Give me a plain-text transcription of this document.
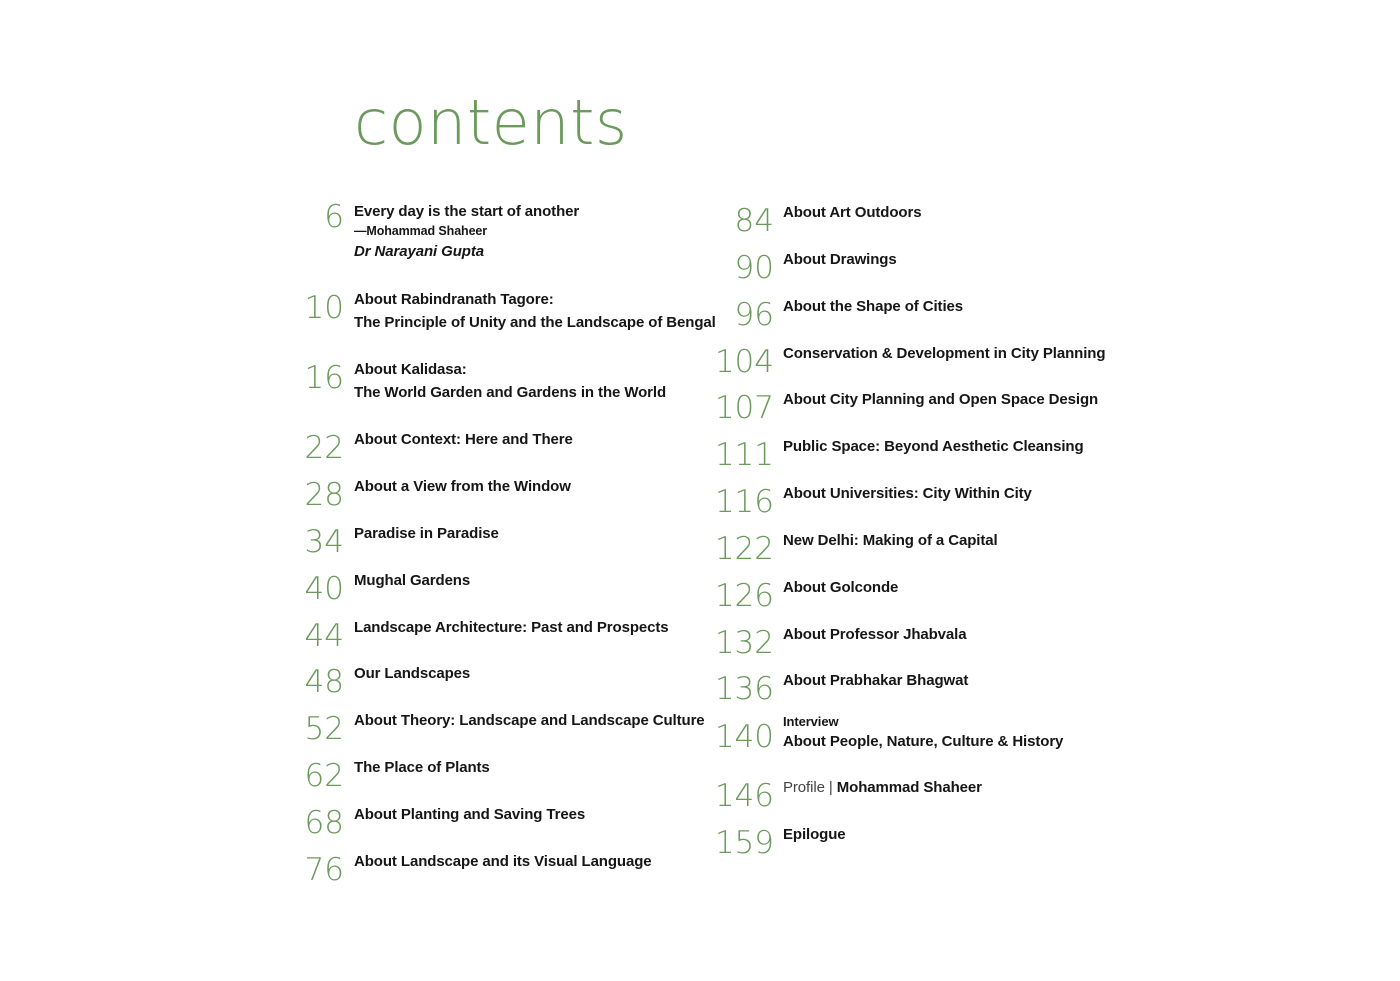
contents
6 Every day is the start of another
—Mohammad Shaheer
Dr Narayani Gupta
10 About Rabindranath Tagore:
The Principle of Unity and the Landscape of Bengal
16 About Kalidasa:
The World Garden and Gardens in the World
22 About Context: Here and There
28 About a View from the Window
34 Paradise in Paradise
40 Mughal Gardens
44 Landscape Architecture: Past and Prospects
48 Our Landscapes
52 About Theory: Landscape and Landscape Culture
62 The Place of Plants
68 About Planting and Saving Trees
76 About Landscape and its Visual Language
84 About Art Outdoors
90 About Drawings
96 About the Shape of Cities
104 Conservation & Development in City Planning
107 About City Planning and Open Space Design
111 Public Space: Beyond Aesthetic Cleansing
116 About Universities: City Within City
122 New Delhi: Making of a Capital
126 About Golconde
132 About Professor Jhabvala
136 About Prabhakar Bhagwat
140 Interview
About People, Nature, Culture & History
146 Profile | Mohammad Shaheer
159 Epilogue
